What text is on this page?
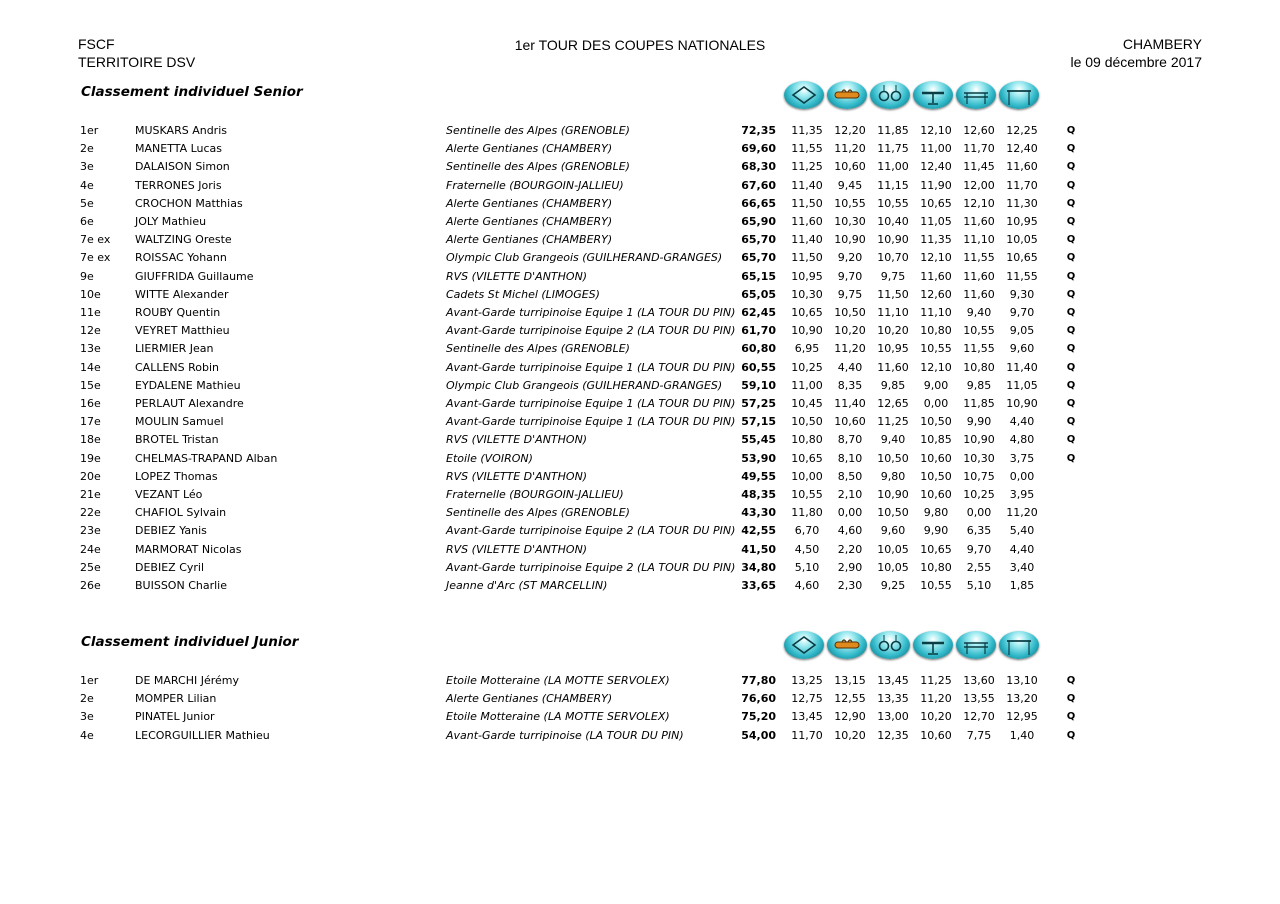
FSCF
TERRITOIRE DSV
1er TOUR DES COUPES NATIONALES	CHAMBERY
le 09 décembre 2017
Classement individuel Senior
Classement individuel Junior
1er	MUSKARS Andris	Sentinelle des Alpes (GRENOBLE)	72,35	11,35	12,20	11,85	12,10	12,60	12,25	Q
2e	MANETTA Lucas	Alerte Gentianes (CHAMBERY)	69,60	11,55	11,20	11,75	11,00	11,70	12,40	Q
3e	DALAISON Simon	Sentinelle des Alpes (GRENOBLE)	68,30	11,25	10,60	11,00	12,40	11,45	11,60	Q
4e	TERRONES Joris	Fraternelle (BOURGOIN-JALLIEU)	67,60	11,40	9,45	11,15	11,90	12,00	11,70	Q
5e	CROCHON Matthias	Alerte Gentianes (CHAMBERY)	66,65	11,50	10,55	10,55	10,65	12,10	11,30	Q
6e	JOLY Mathieu	Alerte Gentianes (CHAMBERY)	65,90	11,60	10,30	10,40	11,05	11,60	10,95	Q
7e ex WALTZING Oreste	Alerte Gentianes (CHAMBERY)	65,70	11,40	10,90	10,90	11,35	11,10	10,05	Q
7e ex ROISSAC Yohann	Olympic Club Grangeois (GUILHERAND-GRANGES)	65,70	11,50	9,20	10,70	12,10	11,55	10,65	Q
9e	GIUFFRIDA Guillaume	RVS (VILETTE D'ANTHON)	65,15	10,95	9,70	9,75	11,60	11,60	11,55	Q
10e	WITTE Alexander	Cadets St Michel (LIMOGES)	65,05	10,30	9,75	11,50	12,60	11,60	9,30	Q
11e	ROUBY Quentin	Avant-Garde turripinoise Equipe 1 (LA TOUR DU PIN) 62,45	10,65	10,50	11,10	11,10	9,40	9,70	Q
12e	VEYRET Matthieu	Avant-Garde turripinoise Equipe 2 (LA TOUR DU PIN) 61,70	10,90	10,20	10,20	10,80	10,55	9,05	Q
13e	LIERMIER Jean	Sentinelle des Alpes (GRENOBLE)	60,80	6,95	11,20	10,95	10,55	11,55	9,60	Q
14e	CALLENS Robin	Avant-Garde turripinoise Equipe 1 (LA TOUR DU PIN) 60,55	10,25	4,40	11,60	12,10	10,80	11,40	Q
15e	EYDALENE Mathieu	Olympic Club Grangeois (GUILHERAND-GRANGES)	59,10	11,00	8,35	9,85	9,00	9,85	11,05	Q
16e	PERLAUT Alexandre	Avant-Garde turripinoise Equipe 1 (LA TOUR DU PIN) 57,25	10,45	11,40	12,65	0,00	11,85	10,90	Q
17e	MOULIN Samuel	Avant-Garde turripinoise Equipe 1 (LA TOUR DU PIN) 57,15	10,50	10,60	11,25	10,50	9,90	4,40	Q
18e	BROTEL Tristan	RVS (VILETTE D'ANTHON)	55,45	10,80	8,70	9,40	10,85	10,90	4,80	Q
19e	CHELMAS-TRAPAND Alban	Etoile (VOIRON)	53,90	10,65	8,10	10,50	10,60	10,30	3,75	Q
20e	LOPEZ Thomas	RVS (VILETTE D'ANTHON)	49,55	10,00	8,50	9,80	10,50	10,75	0,00
21e	VEZANT Léo	Fraternelle (BOURGOIN-JALLIEU)	48,35	10,55	2,10	10,90	10,60	10,25	3,95
22e	CHAFIOL Sylvain	Sentinelle des Alpes (GRENOBLE)	43,30	11,80	0,00	10,50	9,80	0,00	11,20
23e	DEBIEZ Yanis	Avant-Garde turripinoise Equipe 2 (LA TOUR DU PIN) 42,55	6,70	4,60	9,60	9,90	6,35	5,40
24e	MARMORAT Nicolas	RVS (VILETTE D'ANTHON)	41,50	4,50	2,20	10,05	10,65	9,70	4,40
25e	DEBIEZ Cyril	Avant-Garde turripinoise Equipe 2 (LA TOUR DU PIN) 34,80	5,10	2,90	10,05	10,80	2,55	3,40
26e	BUISSON Charlie	Jeanne d'Arc (ST MARCELLIN)	33,65	4,60	2,30	9,25	10,55	5,10	1,85
1er	DE MARCHI Jérémy	Etoile Motteraine (LA MOTTE SERVOLEX)	77,80	13,25	13,15	13,45	11,25	13,60	13,10	Q
2e	MOMPER Lilian	Alerte Gentianes (CHAMBERY)	76,60	12,75	12,55	13,35	11,20	13,55	13,20	Q
3e	PINATEL Junior	Etoile Motteraine (LA MOTTE SERVOLEX)	75,20	13,45	12,90	13,00	10,20	12,70	12,95	Q
4e	LECORGUILLIER Mathieu	Avant-Garde turripinoise (LA TOUR DU PIN)	54,00	11,70	10,20	12,35	10,60	7,75	1,40	Q
